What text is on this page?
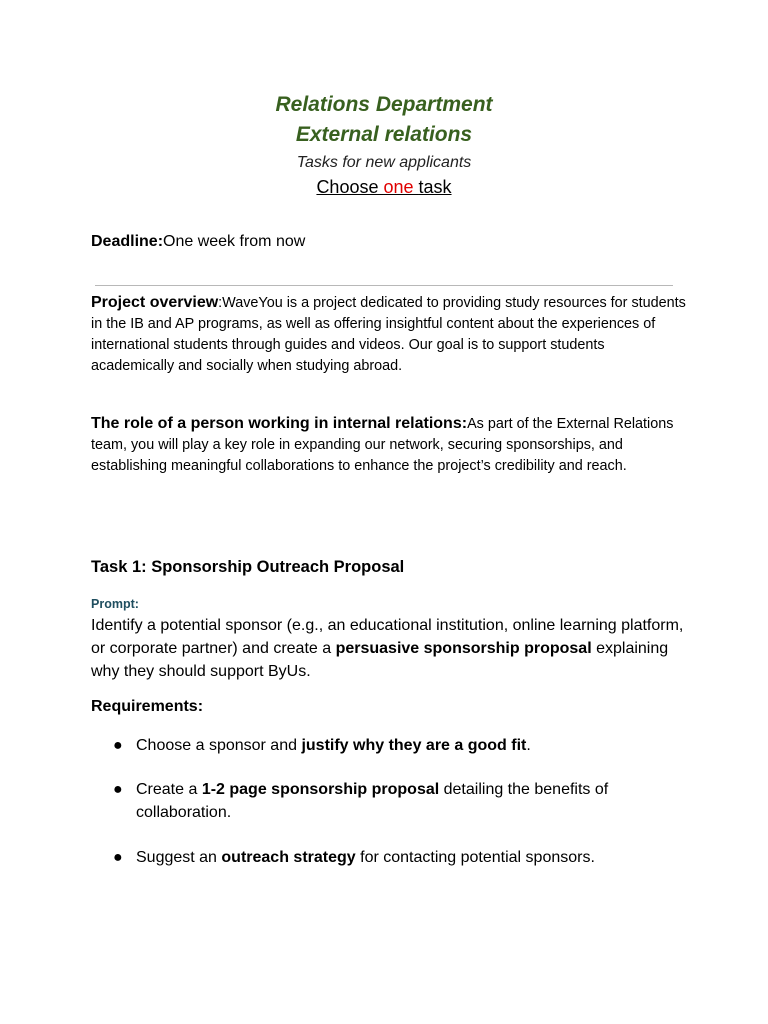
Relations Department
External relations

Tasks for new applicants

Choose one task

Deadline:One week from now

Project overview:WaveYou is a project dedicated to providing study resources for students in the IB and AP programs, as well as offering insightful content about the experiences of international students through guides and videos. Our goal is to support students academically and socially when studying abroad.

The role of a person working in internal relations:As part of the External Relations team, you will play a key role in expanding our network, securing sponsorships, and establishing meaningful collaborations to enhance the project’s credibility and reach.

Task 1: Sponsorship Outreach Proposal

Prompt:

Identify a potential sponsor (e.g., an educational institution, online learning platform, or corporate partner) and create a persuasive sponsorship proposal explaining why they should support ByUs.

Requirements:

● Choose a sponsor and justify why they are a good fit.
● Create a 1-2 page sponsorship proposal detailing the benefits of collaboration.
● Suggest an outreach strategy for contacting potential sponsors.
